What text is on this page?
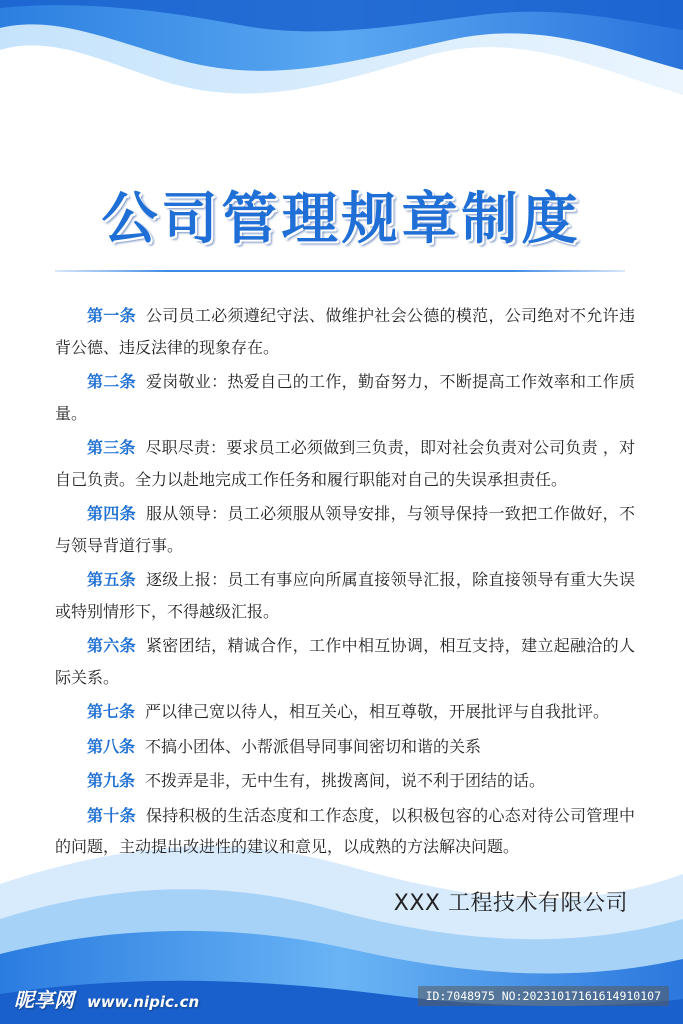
公司管理规章制度

第一条 公司员工必须遵纪守法、做维护社会公德的模范，公司绝对不允许违背公德、违反法律的现象存在。

第二条 爱岗敬业：热爱自己的工作，勤奋努力，不断提高工作效率和工作质量。

第三条 尽职尽责：要求员工必须做到三负责，即对社会负责对公司负责 ，对自己负责。全力以赴地完成工作任务和履行职能对自己的失误承担责任。

第四条 服从领导：员工必须服从领导安排，与领导保持一致把工作做好，不与领导背道行事。

第五条 逐级上报：员工有事应向所属直接领导汇报，除直接领导有重大失误或特别情形下，不得越级汇报。

第六条 紧密团结，精诚合作，工作中相互协调，相互支持，建立起融洽的人际关系。

第七条 严以律己宽以待人，相互关心，相互尊敬，开展批评与自我批评。

第八条 不搞小团体、小帮派倡导同事间密切和谐的关系

第九条 不拨弄是非，无中生有，挑拨离间，说不利于团结的话。

第十条 保持积极的生活态度和工作态度，以积极包容的心态对待公司管理中的问题，主动提出改进性的建议和意见，以成熟的方法解决问题。

XXX 工程技术有限公司
昵享网 www.nipic.cn	ID:7048975 NO:20231017161614910107
